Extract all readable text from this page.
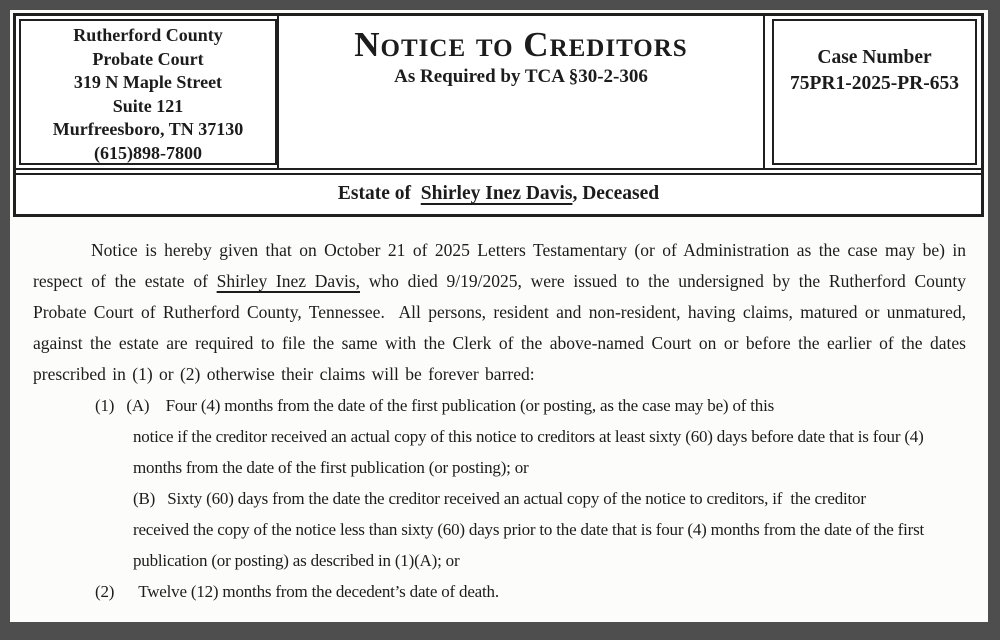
Rutherford County
Probate Court
319 N Maple Street
Suite 121
Murfreesboro, TN 37130
(615)898-7800
Notice to Creditors
As Required by TCA §30-2-306
Case Number
75PR1-2025-PR-653
Estate of  Shirley Inez Davis, Deceased

Notice is hereby given that on October 21 of 2025 Letters Testamentary (or of Administration as the case may be) in respect of the estate of Shirley Inez Davis, who died 9/19/2025, were issued to the undersigned by the Rutherford County Probate Court of Rutherford County, Tennessee.  All persons, resident and non-resident, having claims, matured or unmatured, against the estate are required to file the same with the Clerk of the above-named Court on or before the earlier of the dates prescribed in (1) or (2) otherwise their claims will be forever barred:

(1)   (A)    Four (4) months from the date of the first publication (or posting, as the case may be) of this
notice if the creditor received an actual copy of this notice to creditors at least sixty (60) days before date that is four (4)
months from the date of the first publication (or posting); or
(B)   Sixty (60) days from the date the creditor received an actual copy of the notice to creditors, if  the creditor
received the copy of the notice less than sixty (60) days prior to the date that is four (4) months from the date of the first
publication (or posting) as described in (1)(A); or
(2)      Twelve (12) months from the decedent’s date of death.
